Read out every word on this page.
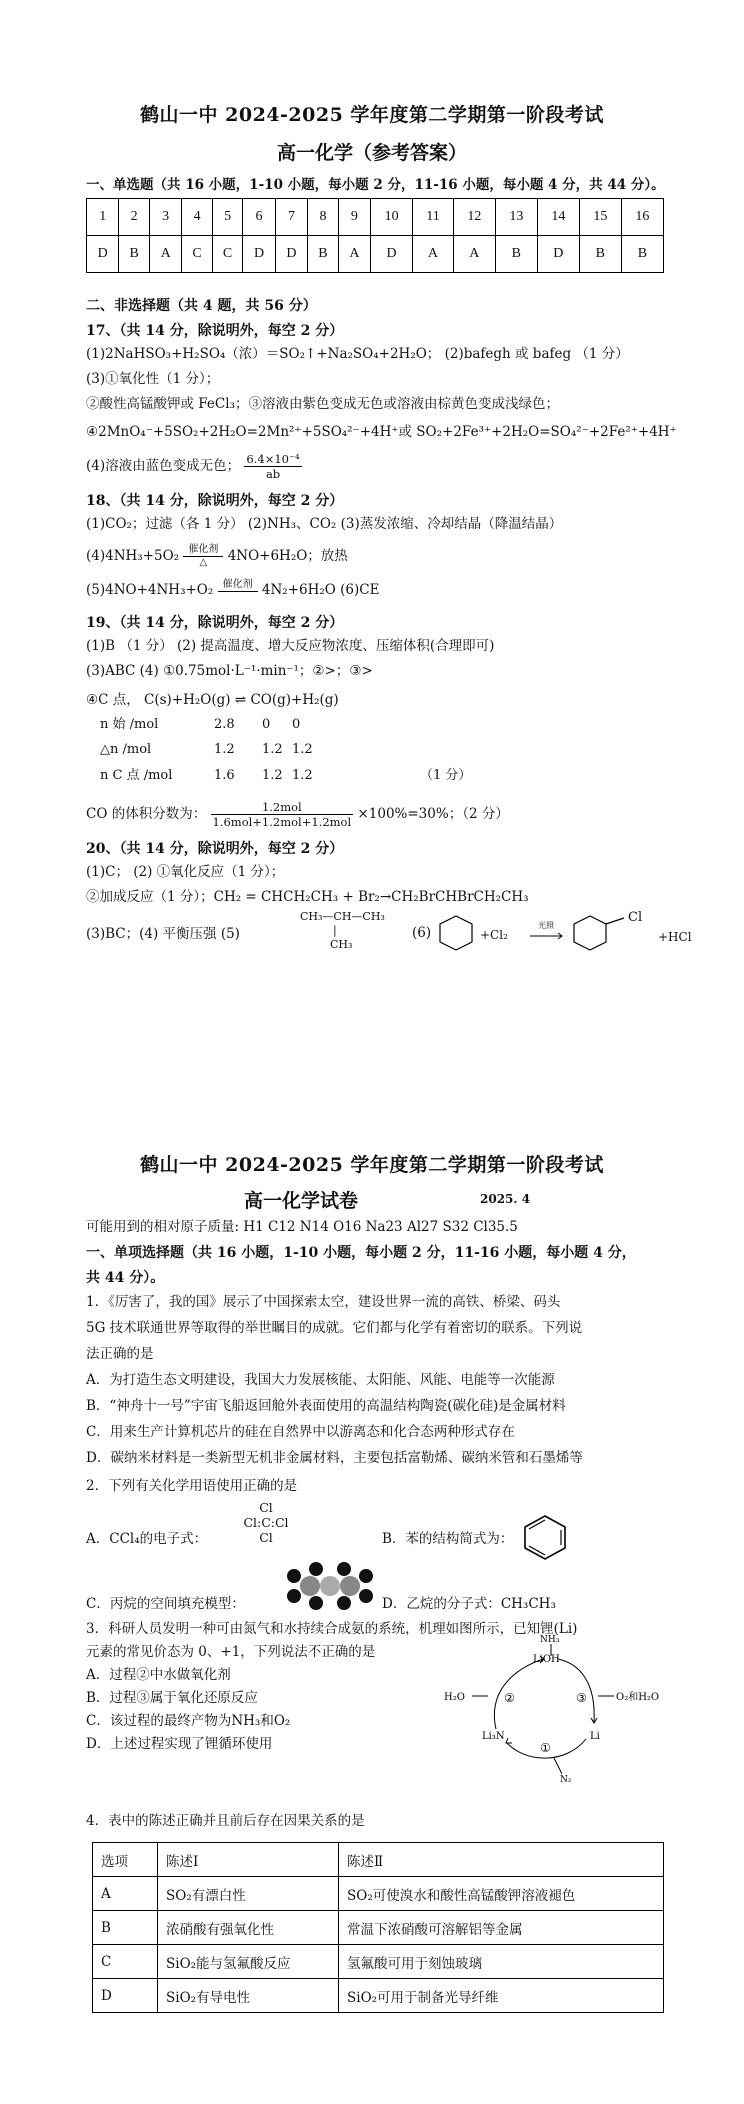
鹤山一中 2024-2025 学年度第二学期第一阶段考试
高一化学（参考答案）
一、单选题（共 16 小题，1-10 小题，每小题 2 分，11-16 小题，每小题 4 分，共 44 分）。
1	2	3	4	5	6	7	8	9	10	11	12	13	14	15	16
D	B	A	C	C	D	D	B	A	D	A	A	B	D	B	B
二、非选择题（共 4 题，共 56 分）
17、（共 14 分，除说明外，每空 2 分）
(1)2NaHSO₃+H₂SO₄（浓）＝SO₂↑+Na₂SO₄+2H₂O； (2)bafegh 或 bafeg （1 分）
(3)①氧化性（1 分）；
②酸性高锰酸钾或 FeCl₃；③溶液由紫色变成无色或溶液由棕黄色变成浅绿色；
④2MnO₄⁻+5SO₂+2H₂O=2Mn²⁺+5SO₄²⁻+4H⁺或 SO₂+2Fe³⁺+2H₂O=SO₄²⁻+2Fe²⁺+4H⁺
(4)溶液由蓝色变成无色； $\frac{\text{6.4×10⁻⁴}}{ab}$
18、（共 14 分，除说明外，每空 2 分）
(1)CO₂；过滤（各 1 分） (2)NH₃、CO₂ (3)蒸发浓缩、冷却结晶（降温结晶）
(4)4NH₃+5O₂ 催化剂
△	4NO+6H₂O；放热
(5)4NO+4NH₃+O₂ 催化剂 4N₂+6H₂O (6)CE
19、（共 14 分，除说明外，每空 2 分）
(1)B （1 分） (2) 提高温度、增大反应物浓度、压缩体积(合理即可)
(3)ABC (4) ①0.75mol·L⁻¹·min⁻¹；②>；③>
④C 点， C(s)+H₂O(g) ⇌ CO(g)+H₂(g)
n 始 /mol	2.8 0 0
△n /mol	1.2 1.2 1.2
n C 点 /mol	1.6 1.2 1.2	（1 分）
CO 的体积分数为： $\frac{\text{1.2mol}}{\text{1.6mol+1.2mol+1.2mol}} \times 100\%=30\%$；（2 分）
20、（共 14 分，除说明外，每空 2 分）
(1)C； (2) ①氧化反应（1 分）；
②加成反应（1 分）；CH₂ = CHCH₂CH₃ + Br₂→CH₂BrCHBrCH₂CH₃
(3)BC；(4) 平衡压强 (5)
CH₃—CH—CH₃
|
CH₃
(6)	+Cl₂
光照
Cl
+HCl
鹤山一中 2024-2025 学年度第二学期第一阶段考试
高一化学试卷	2025. 4
可能用到的相对原子质量: H1 C12 N14 O16 Na23 Al27 S32 Cl35.5
一、单项选择题（共 16 小题，1-10 小题，每小题 2 分，11-16 小题，每小题 4 分，
共 44 分）。
1．《厉害了，我的国》展示了中国探索太空，建设世界一流的高铁、桥梁、码头
5G 技术联通世界等取得的举世瞩目的成就。它们都与化学有着密切的联系。下列说
法正确的是
A．为打造生态文明建设，我国大力发展核能、太阳能、风能、电能等一次能源
B．“神舟十一号”宇宙飞船返回舱外表面使用的高温结构陶瓷(碳化硅)是金属材料
C．用来生产计算机芯片的硅在自然界中以游离态和化合态两种形式存在
D．碳纳米材料是一类新型无机非金属材料，主要包括富勒烯、碳纳米管和石墨烯等
2．下列有关化学用语使用正确的是
A．CCl₄的电子式：
Cl
Cl:C:Cl
Cl	B．苯的结构简式为：
C．丙烷的空间填充模型：	D．乙烷的分子式：CH₃CH₃
3．科研人员发明一种可由氮气和水持续合成氨的系统，机理如图所示，已知锂(Li)
元素的常见价态为 0、+1，下列说法不正确的是
A．过程②中水做氧化剂
B．过程③属于氧化还原反应
C．该过程的最终产物为NH₃和O₂
D．上述过程实现了锂循环使用
LiOH
NH₃
H₂O	O₂和H₂O
Li₃N	Li
N₂
②	③
①
4．表中的陈述正确并且前后存在因果关系的是
选项	陈述Ⅰ	陈述Ⅱ
A	SO₂有漂白性	SO₂可使溴水和酸性高锰酸钾溶液褪色
B	浓硝酸有强氧化性	常温下浓硝酸可溶解铝等金属
C	SiO₂能与氢氟酸反应	氢氟酸可用于刻蚀玻璃
D	SiO₂有导电性	SiO₂可用于制备光导纤维
